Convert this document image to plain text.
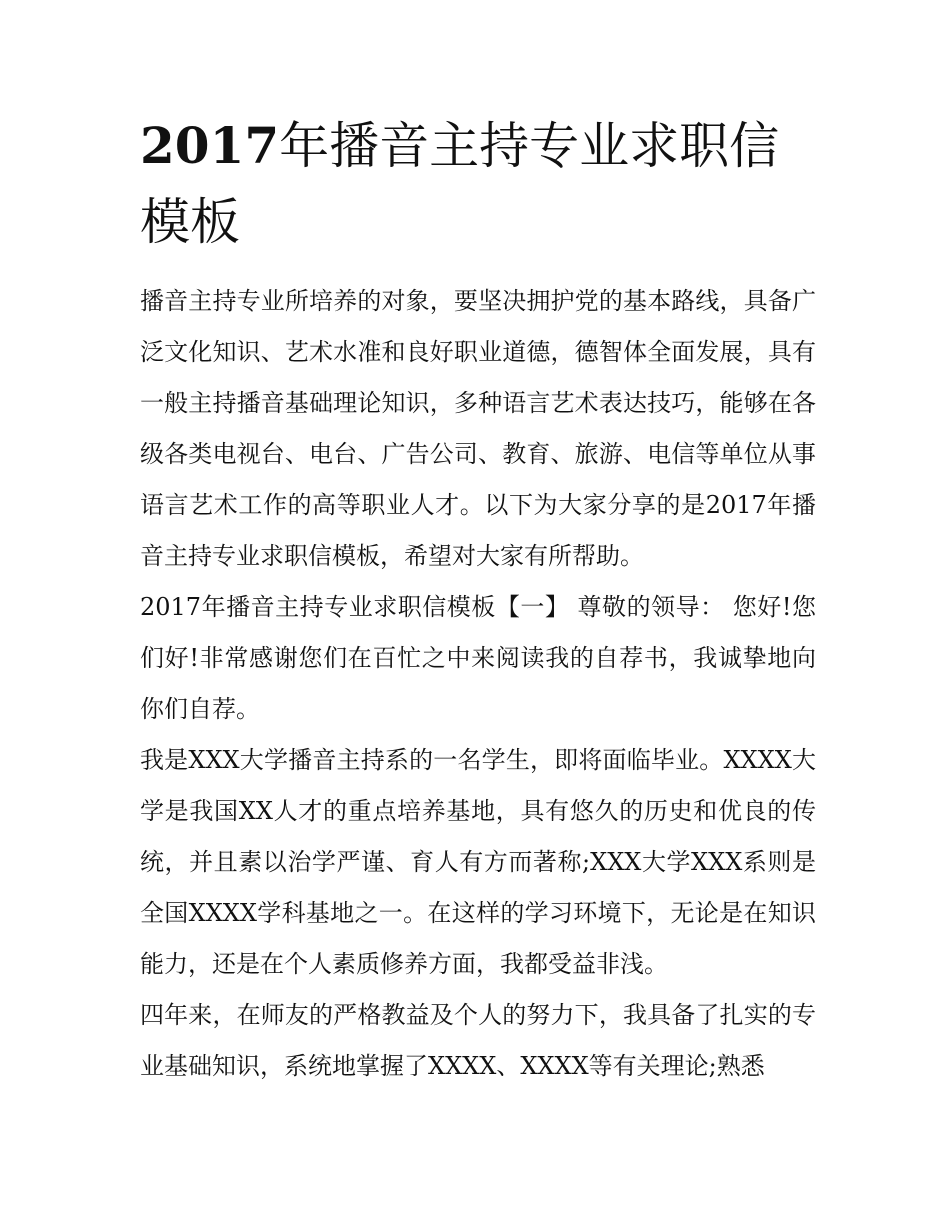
2017年播音主持专业求职信模板

播音主持专业所培养的对象，要坚决拥护党的基本路线，具备广泛文化知识、艺术水准和良好职业道德，德智体全面发展，具有一般主持播音基础理论知识，多种语言艺术表达技巧，能够在各级各类电视台、电台、广告公司、教育、旅游、电信等单位从事语言艺术工作的高等职业人才。以下为大家分享的是2017年播音主持专业求职信模板，希望对大家有所帮助。

2017年播音主持专业求职信模板【一】 尊敬的领导： 您好!您们好!非常感谢您们在百忙之中来阅读我的自荐书，我诚挚地向你们自荐。

我是XXX大学播音主持系的一名学生，即将面临毕业。XXXX大学是我国XX人才的重点培养基地，具有悠久的历史和优良的传统，并且素以治学严谨、育人有方而著称;XXX大学XXX系则是全国XXXX学科基地之一。在这样的学习环境下，无论是在知识能力，还是在个人素质修养方面，我都受益非浅。

四年来，在师友的严格教益及个人的努力下，我具备了扎实的专业基础知识，系统地掌握了XXXX、XXXX等有关理论;熟悉
